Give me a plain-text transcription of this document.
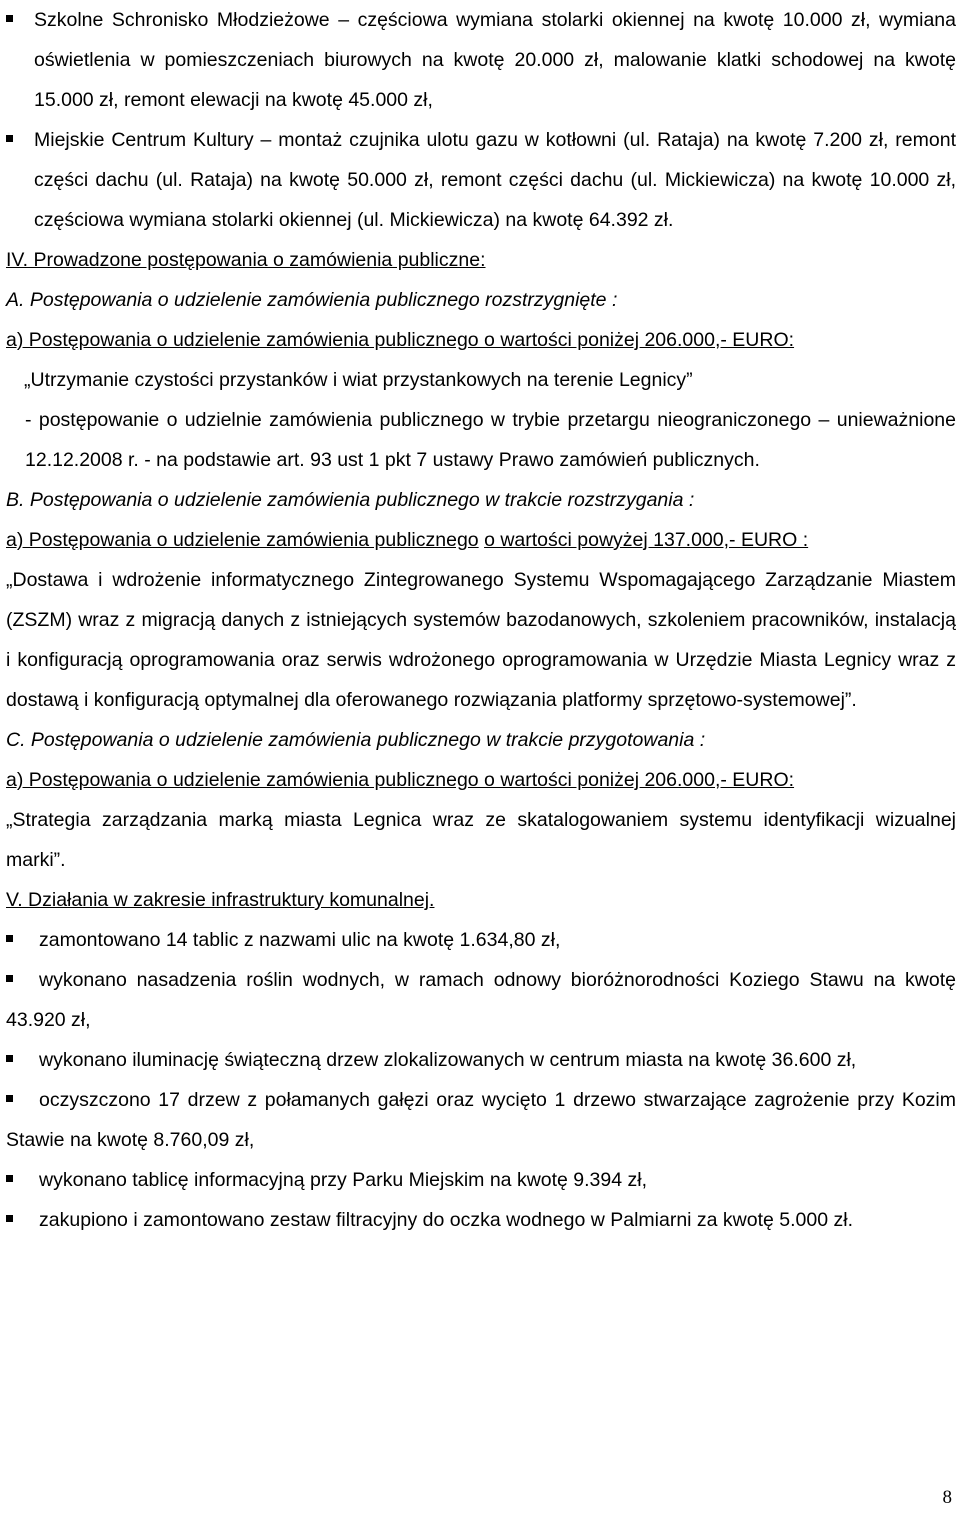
Szkolne Schronisko Młodzieżowe – częściowa wymiana stolarki okiennej na kwotę 10.000 zł, wymiana oświetlenia w pomieszczeniach biurowych na kwotę 20.000 zł, malowanie klatki schodowej na kwotę 15.000 zł, remont elewacji na kwotę 45.000 zł,

Miejskie Centrum Kultury – montaż czujnika ulotu gazu w kotłowni (ul. Rataja) na kwotę 7.200 zł, remont części dachu (ul. Rataja) na kwotę 50.000 zł, remont części dachu (ul. Mickiewicza) na kwotę 10.000 zł, częściowa wymiana stolarki okiennej (ul. Mickiewicza) na kwotę 64.392 zł.

IV. Prowadzone postępowania o zamówienia publiczne:

A. Postępowania o udzielenie zamówienia publicznego rozstrzygnięte :

a) Postępowania o udzielenie zamówienia publicznego o wartości poniżej 206.000,- EURO:

„Utrzymanie czystości przystanków i wiat przystankowych na terenie Legnicy”

- postępowanie o udzielnie zamówienia publicznego w trybie przetargu nieograniczonego – unieważnione 12.12.2008 r. - na podstawie art. 93 ust 1 pkt 7 ustawy Prawo zamówień publicznych.

B. Postępowania o udzielenie zamówienia publicznego w trakcie rozstrzygania :

a) Postępowania o udzielenie zamówienia publicznego o wartości powyżej 137.000,- EURO :

„Dostawa i wdrożenie informatycznego Zintegrowanego Systemu Wspomagającego Zarządzanie Miastem (ZSZM) wraz z migracją danych z istniejących systemów bazodanowych, szkoleniem pracowników, instalacją i konfiguracją oprogramowania oraz serwis wdrożonego oprogramowania w Urzędzie Miasta Legnicy wraz z dostawą i konfiguracją optymalnej dla oferowanego rozwiązania platformy sprzętowo-systemowej”.

C. Postępowania o udzielenie zamówienia publicznego w trakcie przygotowania :

a) Postępowania o udzielenie zamówienia publicznego o wartości poniżej 206.000,- EURO:

„Strategia zarządzania marką miasta Legnica wraz ze skatalogowaniem systemu identyfikacji wizualnej marki”.

V. Działania w zakresie infrastruktury komunalnej.

zamontowano 14 tablic z nazwami ulic na kwotę 1.634,80 zł,

wykonano nasadzenia roślin wodnych, w ramach odnowy bioróżnorodności Koziego Stawu na kwotę 43.920 zł,

wykonano iluminację świąteczną drzew zlokalizowanych w centrum miasta na kwotę 36.600 zł,

oczyszczono 17 drzew z połamanych gałęzi oraz wycięto 1 drzewo stwarzające zagrożenie przy Kozim Stawie na kwotę 8.760,09 zł,

wykonano tablicę informacyjną przy Parku Miejskim na kwotę 9.394 zł,

zakupiono i zamontowano zestaw filtracyjny do oczka wodnego w Palmiarni za kwotę 5.000 zł.

8
